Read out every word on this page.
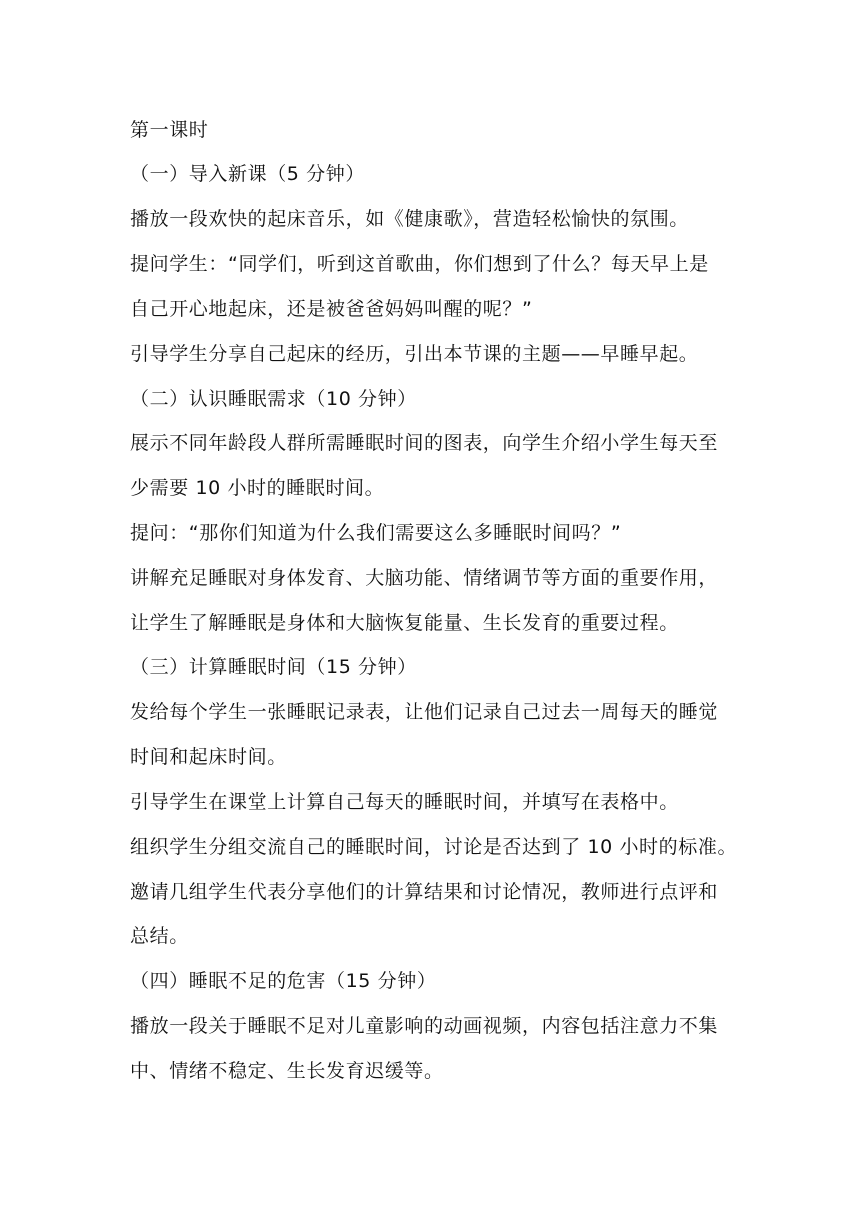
第一课时
（一）导入新课（5 分钟）
播放一段欢快的起床音乐，如《健康歌》，营造轻松愉快的氛围。
提问学生：“同学们，听到这首歌曲，你们想到了什么？每天早上是
自己开心地起床，还是被爸爸妈妈叫醒的呢？”
引导学生分享自己起床的经历，引出本节课的主题——早睡早起。
（二）认识睡眠需求（10 分钟）
展示不同年龄段人群所需睡眠时间的图表，向学生介绍小学生每天至
少需要 10 小时的睡眠时间。
提问：“那你们知道为什么我们需要这么多睡眠时间吗？”
讲解充足睡眠对身体发育、大脑功能、情绪调节等方面的重要作用，
让学生了解睡眠是身体和大脑恢复能量、生长发育的重要过程。
（三）计算睡眠时间（15 分钟）
发给每个学生一张睡眠记录表，让他们记录自己过去一周每天的睡觉
时间和起床时间。
引导学生在课堂上计算自己每天的睡眠时间，并填写在表格中。
组织学生分组交流自己的睡眠时间，讨论是否达到了 10 小时的标准。
邀请几组学生代表分享他们的计算结果和讨论情况，教师进行点评和
总结。
（四）睡眠不足的危害（15 分钟）
播放一段关于睡眠不足对儿童影响的动画视频，内容包括注意力不集
中、情绪不稳定、生长发育迟缓等。
